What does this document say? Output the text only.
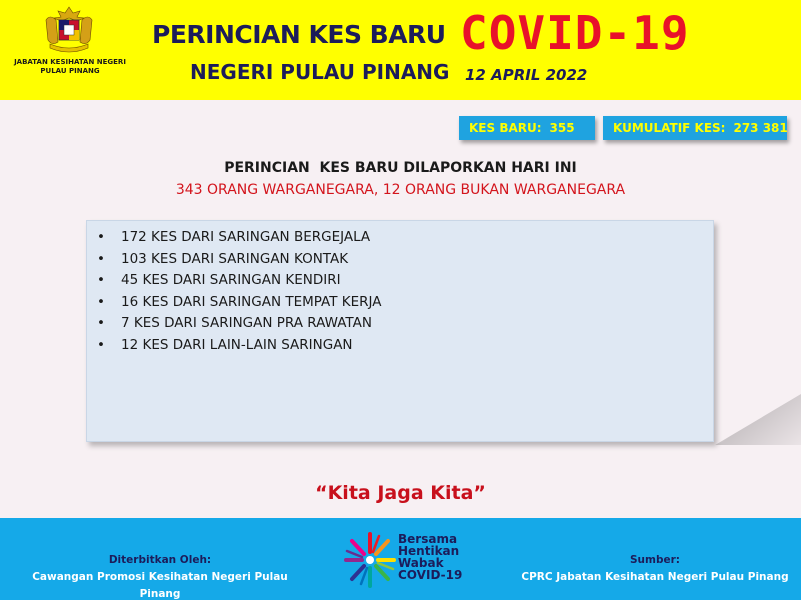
JABATAN KESIHATAN NEGERI
PULAU PINANG
PERINCIAN KES BARU COVID-19
NEGERI PULAU PINANG 12 APRIL 2022
KES BARU: 355	KUMULATIF KES: 273 381
PERINCIAN  KES BARU DILAPORKAN HARI INI
343 ORANG WARGANEGARA, 12 ORANG BUKAN WARGANEGARA
• 172 KES DARI SARINGAN BERGEJALA
• 103 KES DARI SARINGAN KONTAK
• 45 KES DARI SARINGAN KENDIRI
• 16 KES DARI SARINGAN TEMPAT KERJA
• 7 KES DARI SARINGAN PRA RAWATAN
• 12 KES DARI LAIN-LAIN SARINGAN
“Kita Jaga Kita”
Diterbitkan Oleh:
Cawangan Promosi Kesihatan Negeri Pulau Pinang
Sumber:
CPRC Jabatan Kesihatan Negeri Pulau Pinang
Bersama
Hentikan
Wabak
COVID-19
